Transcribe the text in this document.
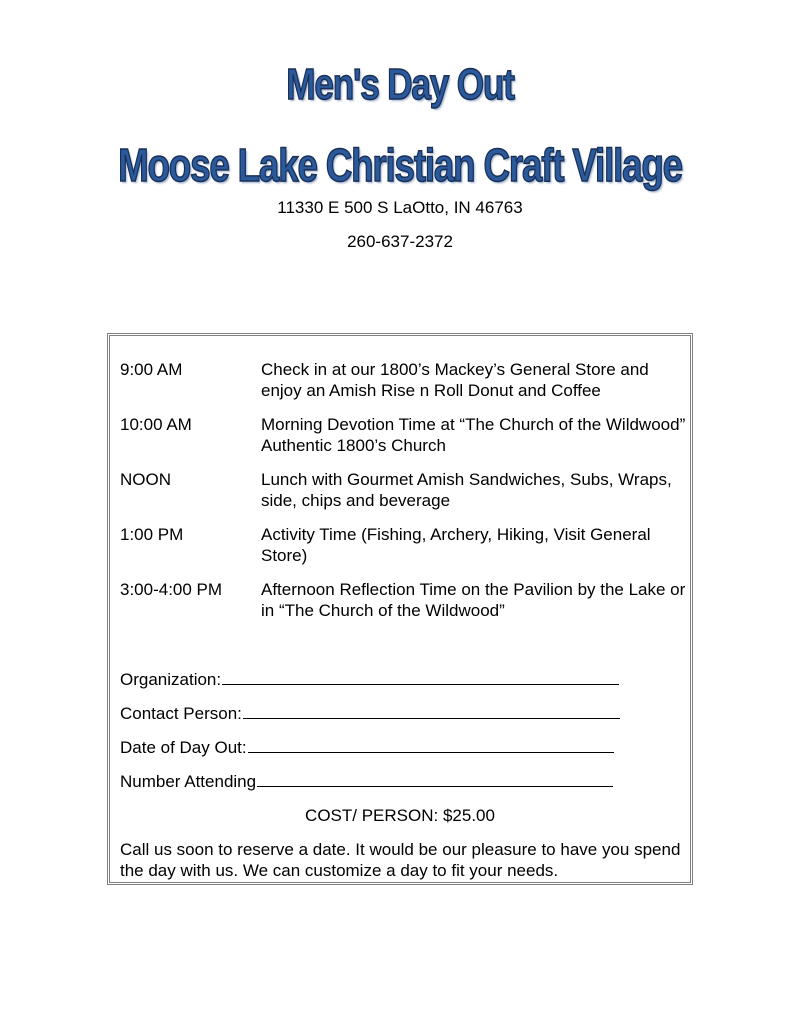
Men's Day Out
Moose Lake Christian Craft Village
11330 E 500 S LaOtto, IN 46763
260-637-2372
9:00 AM	Check in at our 1800’s Mackey’s General Store and enjoy an Amish Rise n Roll Donut and Coffee
10:00 AM	Morning Devotion Time at “The Church of the Wildwood” Authentic 1800’s Church
NOON	Lunch with Gourmet Amish Sandwiches, Subs, Wraps, side, chips and beverage
1:00 PM	Activity Time (Fishing, Archery, Hiking, Visit General Store)
3:00-4:00 PM	Afternoon Reflection Time on the Pavilion by the Lake or in “The Church of the Wildwood”
Organization:
Contact Person:
Date of Day Out:
Number Attending
COST/ PERSON: $25.00
Call us soon to reserve a date. It would be our pleasure to have you spend the day with us. We can customize a day to fit your needs.
